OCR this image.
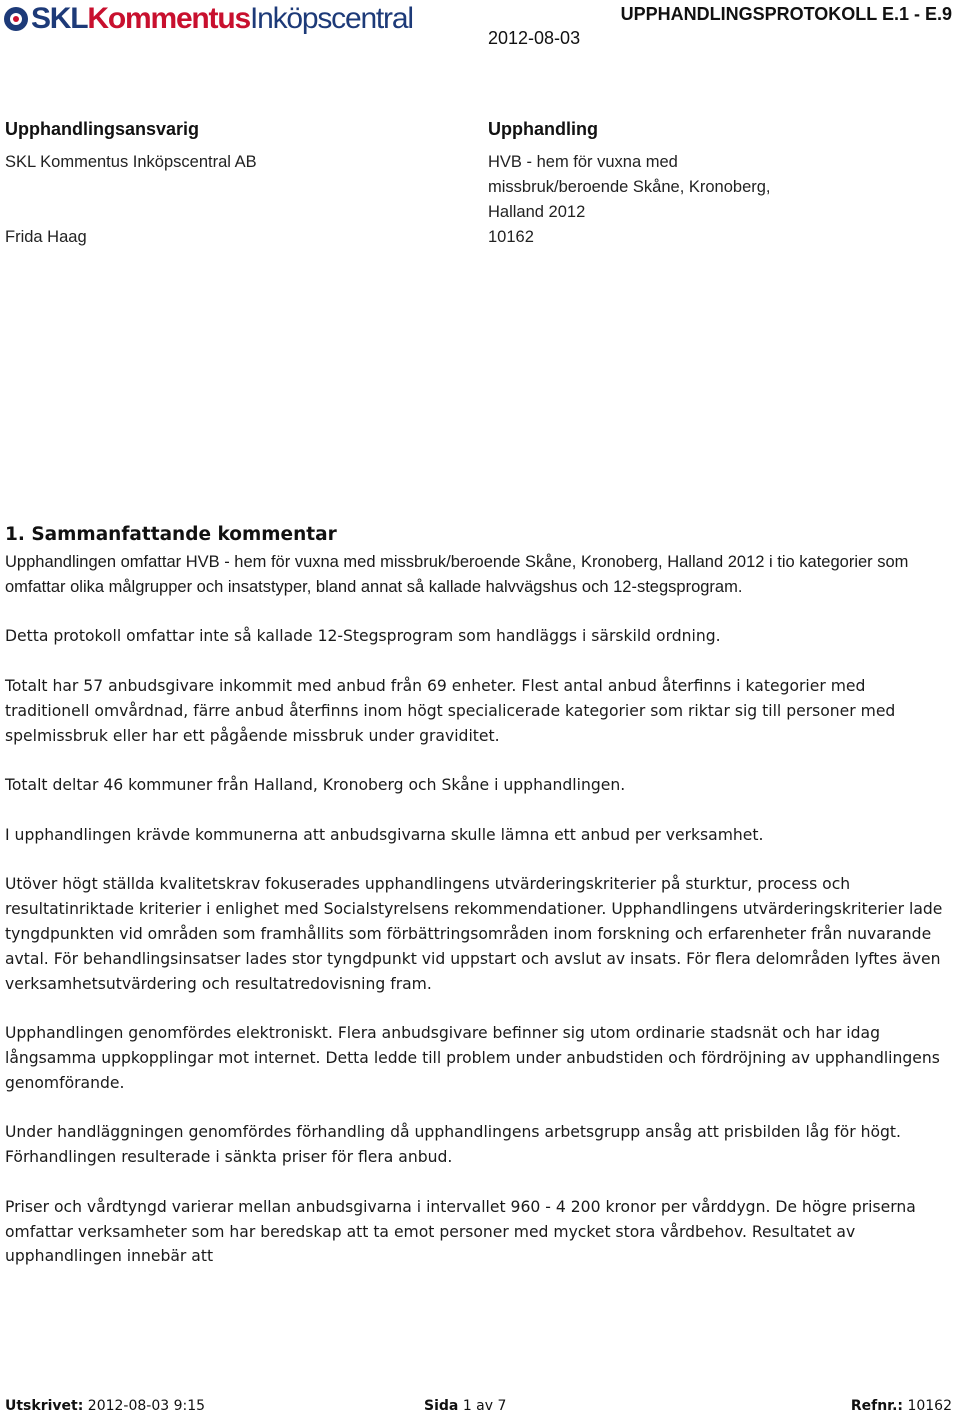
SKL Kommentus Inköpscentral	UPPHANDLINGSPROTOKOLL E.1 - E.9
2012-08-03
Upphandlingsansvarig	Upphandling
SKL Kommentus Inköpscentral AB	HVB - hem för vuxna med
missbruk/beroende Skåne, Kronoberg,
Halland 2012
Frida Haag	10162
1. Sammanfattande kommentar

Upphandlingen omfattar HVB - hem för vuxna med missbruk/beroende Skåne, Kronoberg, Halland 2012 i tio kategorier som omfattar olika målgrupper och insatstyper, bland annat så kallade halvvägshus och 12-stegsprogram.

Detta protokoll omfattar inte så kallade 12-Stegsprogram som handläggs i särskild ordning.

Totalt har 57 anbudsgivare inkommit med anbud från 69 enheter. Flest antal anbud återfinns i kategorier med traditionell omvårdnad, färre anbud återfinns inom högt specialicerade kategorier som riktar sig till personer med spelmissbruk eller har ett pågående missbruk under graviditet.

Totalt deltar 46 kommuner från Halland, Kronoberg och Skåne i upphandlingen.

I upphandlingen krävde kommunerna att anbudsgivarna skulle lämna ett anbud per verksamhet.

Utöver högt ställda kvalitetskrav fokuserades upphandlingens utvärderingskriterier på sturktur, process och resultatinriktade kriterier i enlighet med Socialstyrelsens rekommendationer. Upphandlingens utvärderingskriterier lade tyngdpunkten vid områden som framhållits som förbättringsområden inom forskning och erfarenheter från nuvarande avtal. För behandlingsinsatser lades stor tyngdpunkt vid uppstart och avslut av insats. För flera delområden lyftes även verksamhetsutvärdering och resultatredovisning fram.

Upphandlingen genomfördes elektroniskt. Flera anbudsgivare befinner sig utom ordinarie stadsnät och har idag långsamma uppkopplingar mot internet. Detta ledde till problem under anbudstiden och fördröjning av upphandlingens genomförande.

Under handläggningen genomfördes förhandling då upphandlingens arbetsgrupp ansåg att prisbilden låg för högt. Förhandlingen resulterade i sänkta priser för flera anbud.

Priser och vårdtyngd varierar mellan anbudsgivarna i intervallet 960 - 4 200 kronor per vårddygn. De högre priserna omfattar verksamheter som har beredskap att ta emot personer med mycket stora vårdbehov. Resultatet av upphandlingen innebär att

Utskrivet: 2012-08-03 9:15	Sida 1 av 7	Refnr.: 10162
